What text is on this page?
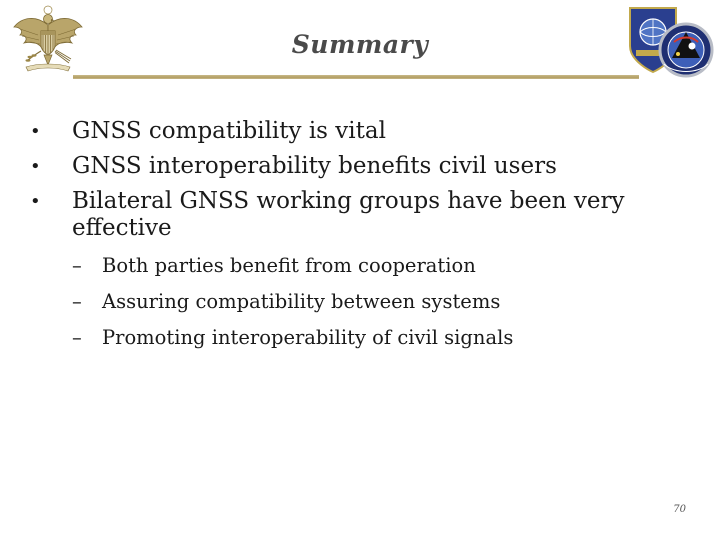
Summary
•	GNSS compatibility is vital
•	GNSS interoperability benefits civil users
•	Bilateral GNSS working groups have been very effective
– Both parties benefit from cooperation
– Assuring compatibility between systems
– Promoting interoperability of civil signals
70
